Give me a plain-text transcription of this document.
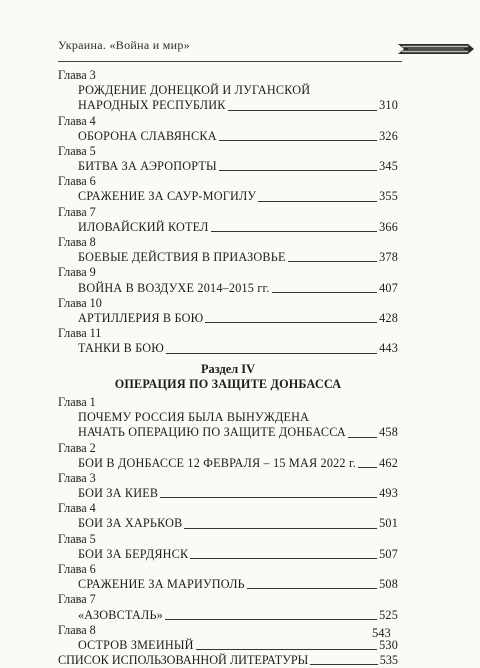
Украина. «Война и мир»
Глава 3
РОЖДЕНИЕ ДОНЕЦКОЙ И ЛУГАНСКОЙ
НАРОДНЫХ РЕСПУБЛИК	310
Глава 4
ОБОРОНА СЛАВЯНСКА	326
Глава 5
БИТВА ЗА АЭРОПОРТЫ	345
Глава 6
СРАЖЕНИЕ ЗА САУР-МОГИЛУ	355
Глава 7
ИЛОВАЙСКИЙ КОТЕЛ	366
Глава 8
БОЕВЫЕ ДЕЙСТВИЯ В ПРИАЗОВЬЕ	378
Глава 9
ВОЙНА В ВОЗДУХЕ 2014–2015 гг.	407
Глава 10
АРТИЛЛЕРИЯ В БОЮ	428
Глава 11
ТАНКИ В БОЮ	443
Раздел IV
ОПЕРАЦИЯ ПО ЗАЩИТЕ ДОНБАССА
Глава 1
ПОЧЕМУ РОССИЯ БЫЛА ВЫНУЖДЕНА
НАЧАТЬ ОПЕРАЦИЮ ПО ЗАЩИТЕ ДОНБАССА	458
Глава 2
БОИ В ДОНБАССЕ 12 ФЕВРАЛЯ – 15 МАЯ 2022 г. 462
Глава 3
БОИ ЗА КИЕВ	493
Глава 4
БОИ ЗА ХАРЬКОВ	501
Глава 5
БОИ ЗА БЕРДЯНСК	507
Глава 6
СРАЖЕНИЕ ЗА МАРИУПОЛЬ	508
Глава 7
«АЗОВСТАЛЬ»	525
Глава 8
ОСТРОВ ЗМЕИНЫЙ	530
СПИСОК ИСПОЛЬЗОВАННОЙ ЛИТЕРАТУРЫ	535
543
